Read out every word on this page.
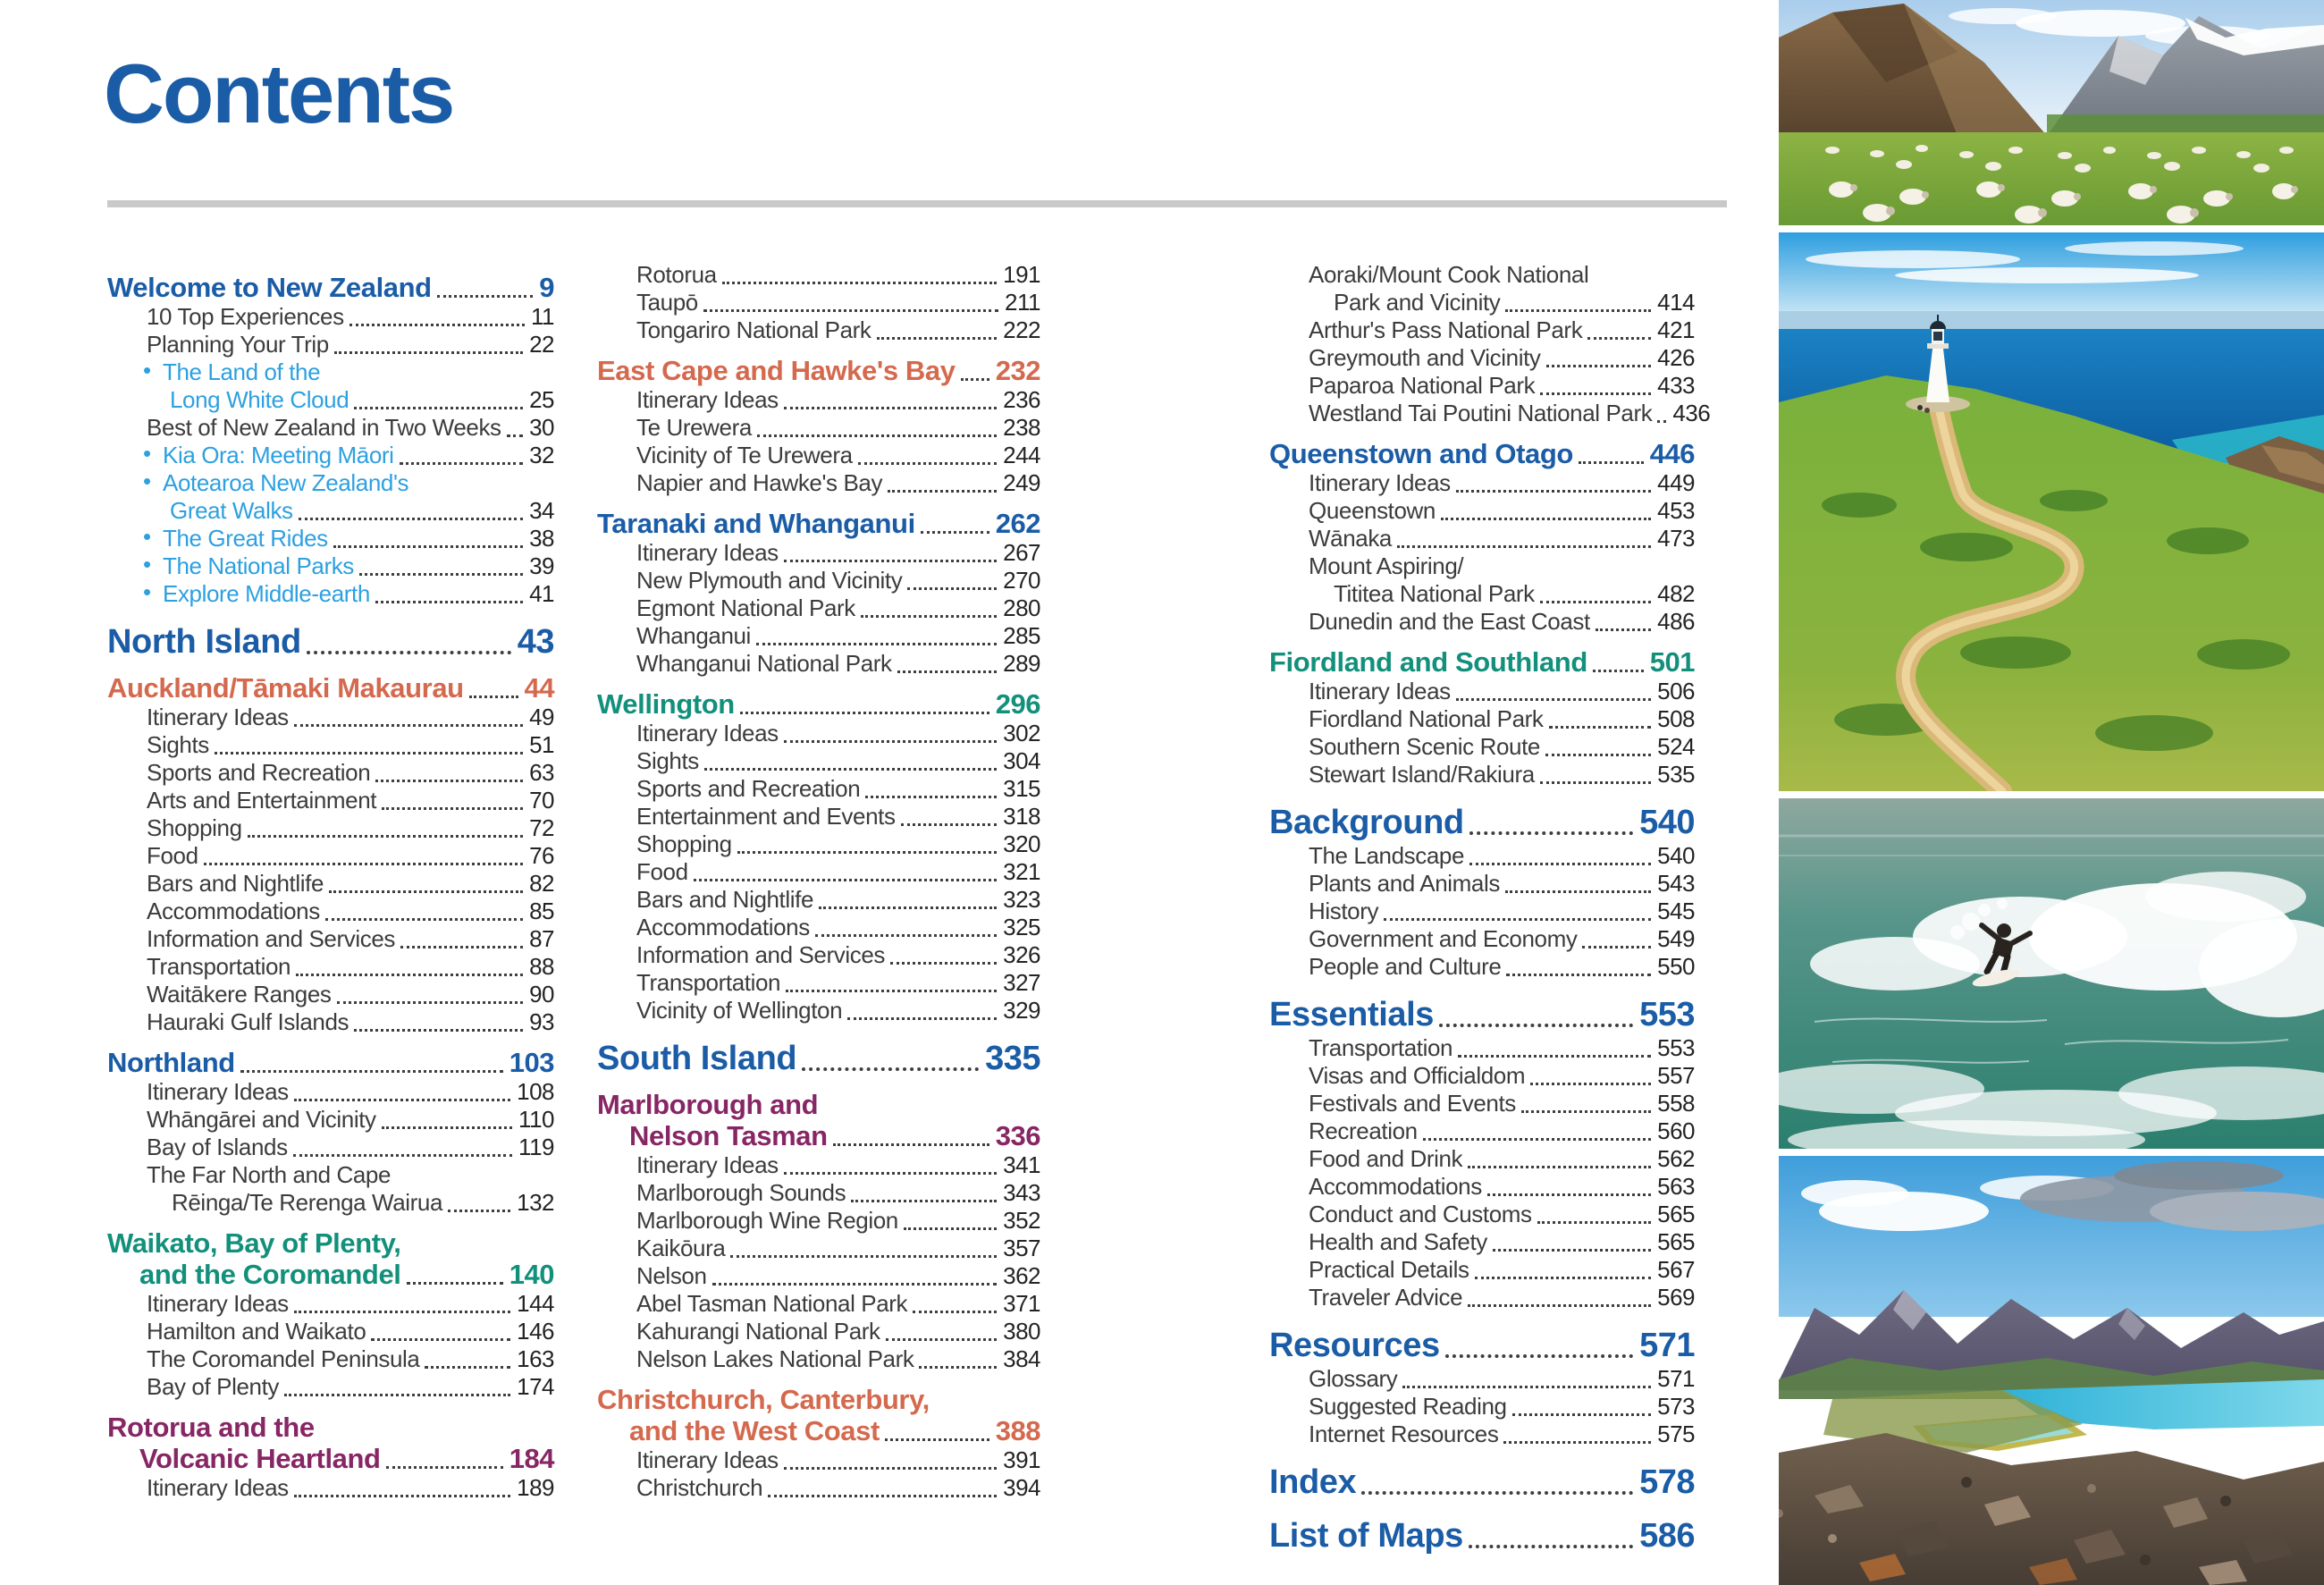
Contents
Welcome to New Zealand	9
10 Top Experiences	11
Planning Your Trip	22
• The Land of the
Long White Cloud	25
Best of New Zealand in Two Weeks 30
• Kia Ora: Meeting Māori	32
• Aotearoa New Zealand's
Great Walks	34
• The Great Rides	38
• The National Parks	39
• Explore Middle-earth	41
North Island	43
Auckland/Tāmaki Makaurau 44
Itinerary Ideas	49
Sights	51
Sports and Recreation	63
Arts and Entertainment	70
Shopping	72
Food	76
Bars and Nightlife	82
Accommodations	85
Information and Services	87
Transportation	88
Waitākere Ranges	90
Hauraki Gulf Islands	93
Northland	103
Itinerary Ideas	108
Whāngārei and Vicinity	110
Bay of Islands	119
The Far North and Cape
Rēinga/Te Rerenga Wairua	132
Waikato, Bay of Plenty,
and the Coromandel	140
Itinerary Ideas	144
Hamilton and Waikato	146
The Coromandel Peninsula	163
Bay of Plenty	174
Rotorua and the
Volcanic Heartland	184
Itinerary Ideas	189
Rotorua	191
Taupō	211
Tongariro National Park	222
East Cape and Hawke's Bay 232
Itinerary Ideas	236
Te Urewera	238
Vicinity of Te Urewera	244
Napier and Hawke's Bay	249
Taranaki and Whanganui	262
Itinerary Ideas	267
New Plymouth and Vicinity	270
Egmont National Park	280
Whanganui	285
Whanganui National Park	289
Wellington	296
Itinerary Ideas	302
Sights	304
Sports and Recreation	315
Entertainment and Events	318
Shopping	320
Food	321
Bars and Nightlife	323
Accommodations	325
Information and Services	326
Transportation	327
Vicinity of Wellington	329
South Island	335
Marlborough and
Nelson Tasman	336
Itinerary Ideas	341
Marlborough Sounds	343
Marlborough Wine Region	352
Kaikōura	357
Nelson	362
Abel Tasman National Park	371
Kahurangi National Park	380
Nelson Lakes National Park	384
Christchurch, Canterbury,
and the West Coast	388
Itinerary Ideas	391
Christchurch	394
Aoraki/Mount Cook National
Park and Vicinity	414
Arthur's Pass National Park	421
Greymouth and Vicinity	426
Paparoa National Park	433
Westland Tai Poutini National Park 436
Queenstown and Otago	446
Itinerary Ideas	449
Queenstown	453
Wānaka	473
Mount Aspiring/
Tititea National Park	482
Dunedin and the East Coast	486
Fiordland and Southland 501
Itinerary Ideas	506
Fiordland National Park	508
Southern Scenic Route	524
Stewart Island/Rakiura	535
Background	540
The Landscape	540
Plants and Animals	543
History	545
Government and Economy	549
People and Culture	550
Essentials	553
Transportation	553
Visas and Officialdom	557
Festivals and Events	558
Recreation	560
Food and Drink	562
Accommodations	563
Conduct and Customs	565
Health and Safety	565
Practical Details	567
Traveler Advice	569
Resources	571
Glossary	571
Suggested Reading	573
Internet Resources	575
Index	578
List of Maps	586
